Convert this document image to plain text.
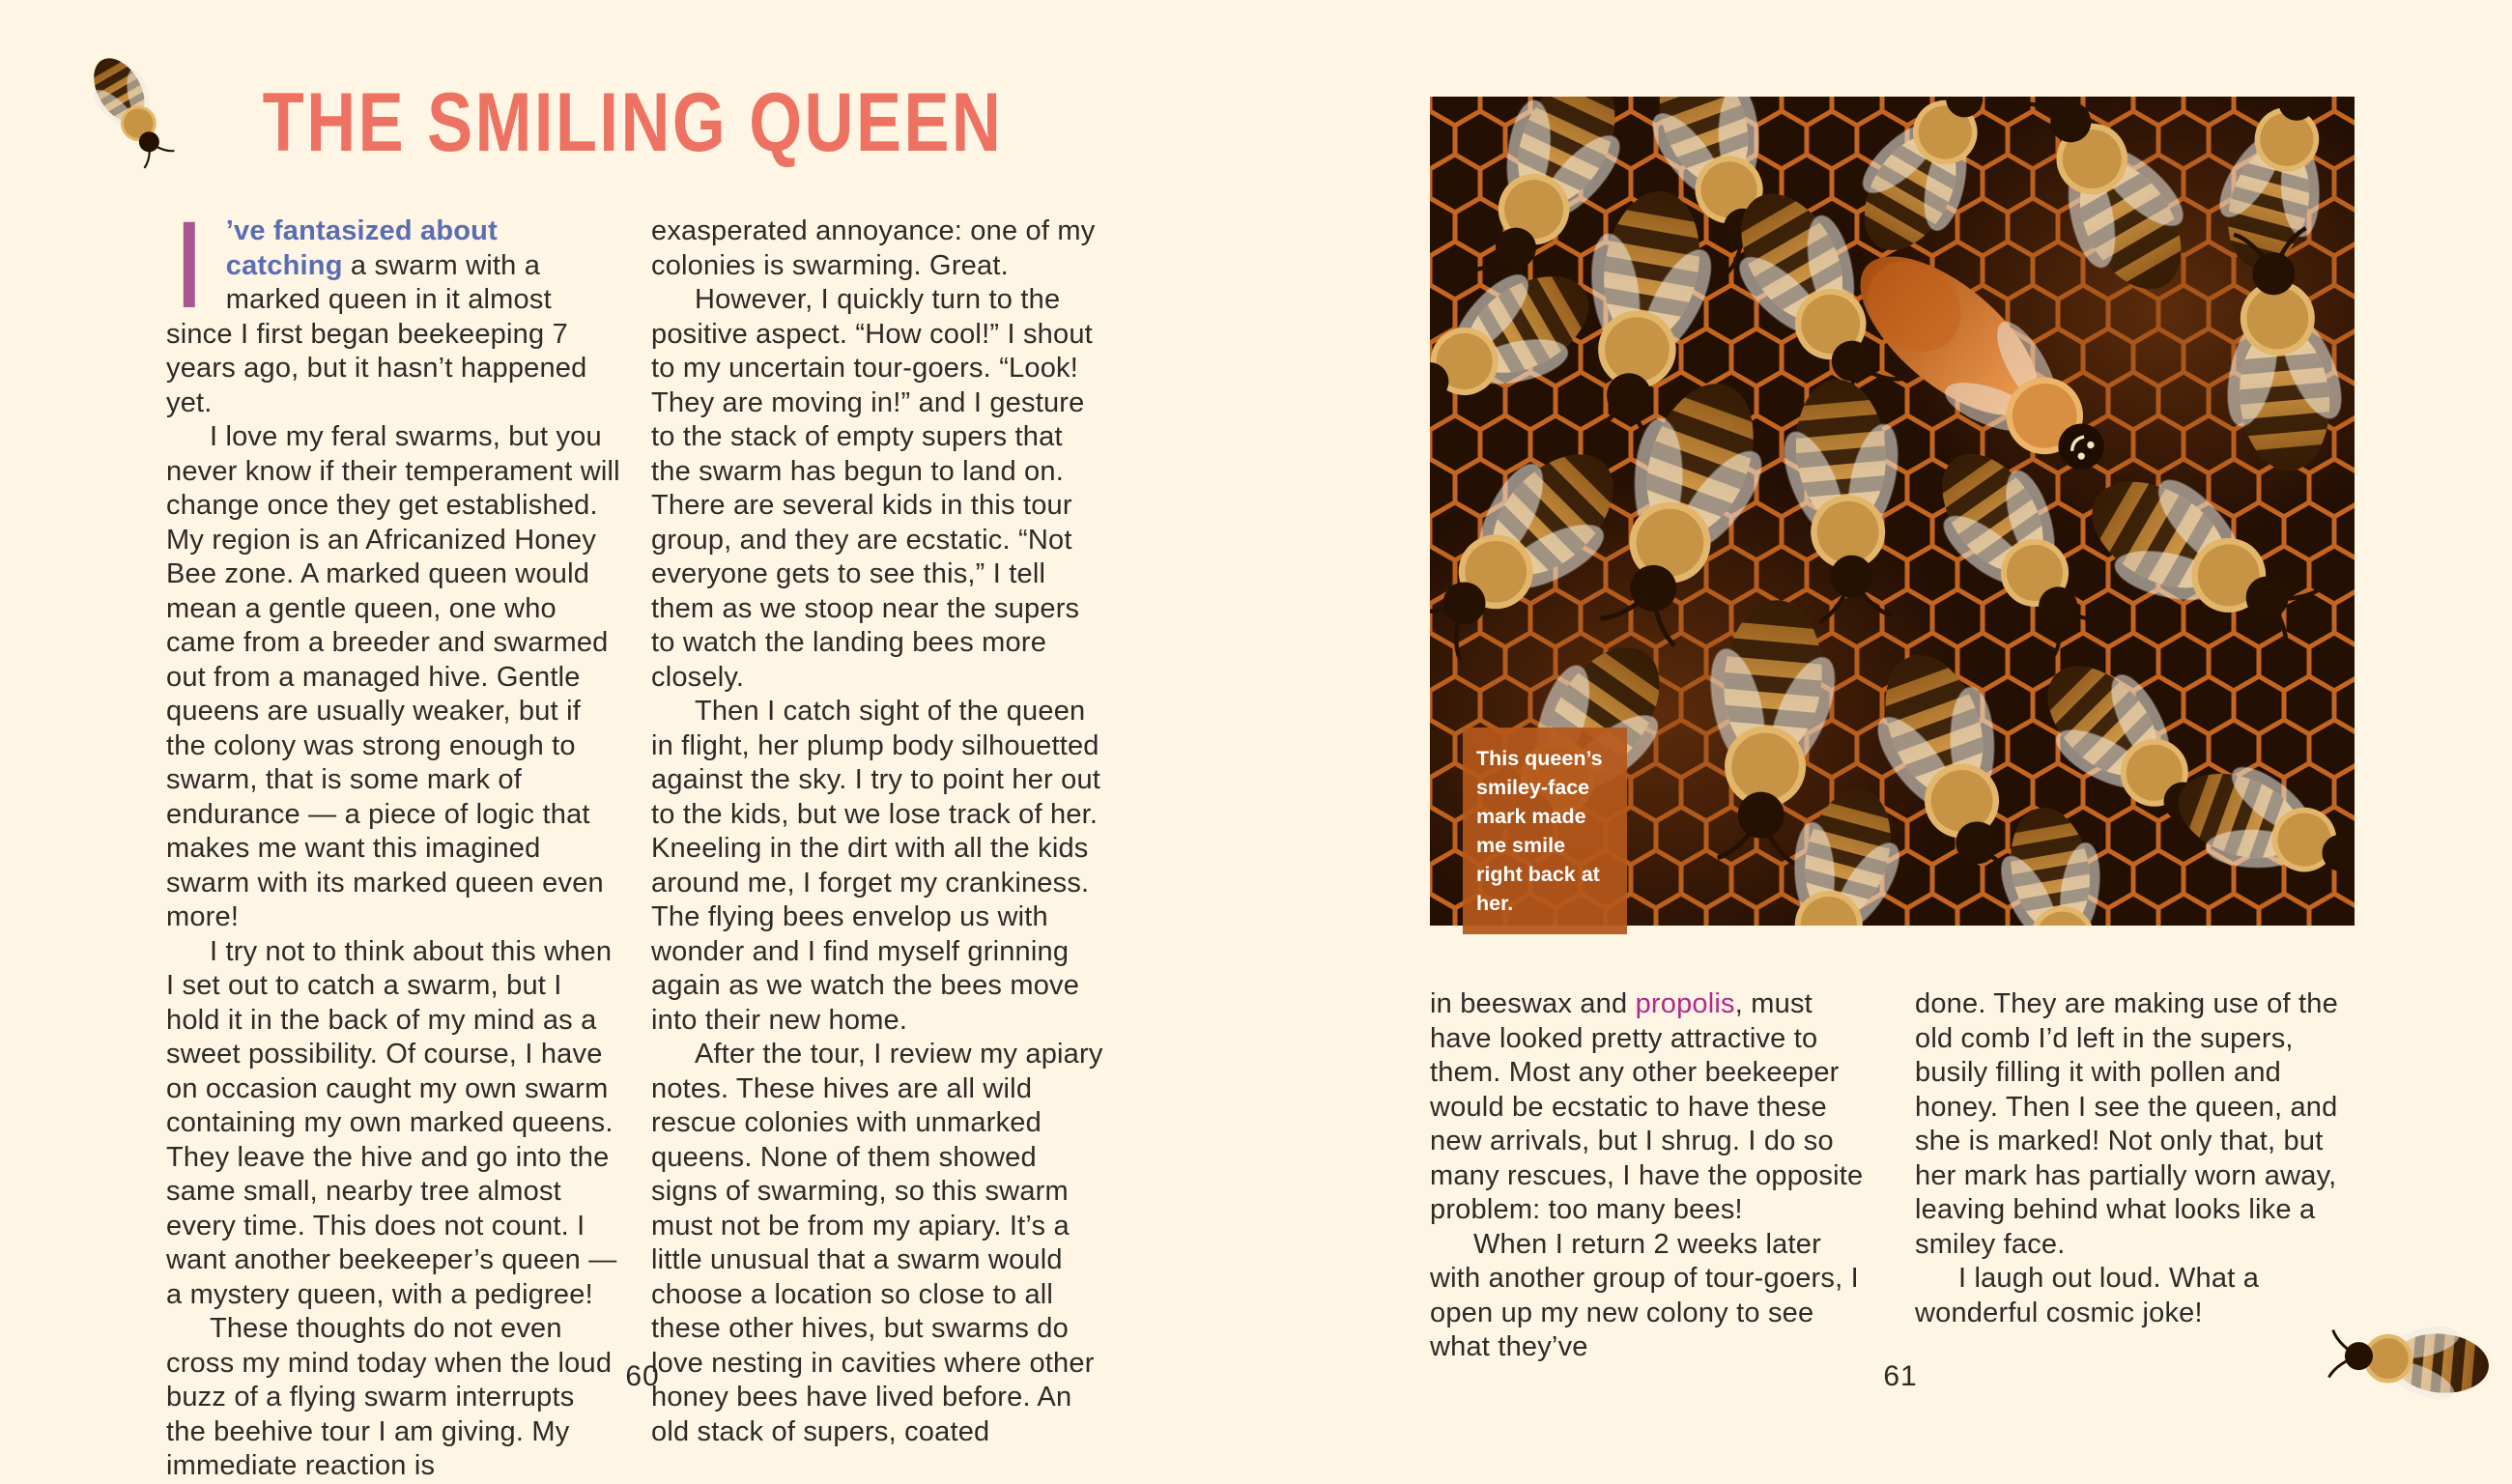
THE SMILING QUEEN

I ’ve fantasized about catching a swarm with a marked queen in it almost since I first began beekeeping 7 years ago, but it hasn’t happened yet.

I love my feral swarms, but you never know if their temperament will change once they get established. My region is an Africanized Honey Bee zone. A marked queen would mean a gentle queen, one who came from a breeder and swarmed out from a managed hive. Gentle queens are usually weaker, but if the colony was strong enough to swarm, that is some mark of endurance — a piece of logic that makes me want this imagined swarm with its marked queen even more!

I try not to think about this when I set out to catch a swarm, but I hold it in the back of my mind as a sweet possibility. Of course, I have on occasion caught my own swarm containing my own marked queens. They leave the hive and go into the same small, nearby tree almost every time. This does not count. I want another beekeeper’s queen — a mystery queen, with a pedigree!

These thoughts do not even cross my mind today when the loud buzz of a flying swarm interrupts the beehive tour I am giving. My immediate reaction is

exasperated annoyance: one of my colonies is swarming. Great.

However, I quickly turn to the positive aspect. “How cool!” I shout to my uncertain tour-goers. “Look! They are moving in!” and I gesture to the stack of empty supers that the swarm has begun to land on. There are several kids in this tour group, and they are ecstatic. “Not everyone gets to see this,” I tell them as we stoop near the supers to watch the landing bees more closely.

Then I catch sight of the queen in flight, her plump body silhouetted against the sky. I try to point her out to the kids, but we lose track of her. Kneeling in the dirt with all the kids around me, I forget my crankiness. The flying bees envelop us with wonder and I find myself grinning again as we watch the bees move into their new home.

After the tour, I review my apiary notes. These hives are all wild rescue colonies with unmarked queens. None of them showed signs of swarming, so this swarm must not be from my apiary. It’s a little unusual that a swarm would choose a location so close to all these other hives, but swarms do love nesting in cavities where other honey bees have lived before. An old stack of supers, coated

60
This queen’s smiley-face mark made me smile right back at her.

in beeswax and propolis, must have looked pretty attractive to them. Most any other beekeeper would be ecstatic to have these new arrivals, but I shrug. I do so many rescues, I have the opposite problem: too many bees!

When I return 2 weeks later with another group of tour-goers, I open up my new colony to see what they’ve

done. They are making use of the old comb I’d left in the supers, busily filling it with pollen and honey. Then I see the queen, and she is marked! Not only that, but her mark has partially worn away, leaving behind what looks like a smiley face.

I laugh out loud. What a wonderful cosmic joke!

61
